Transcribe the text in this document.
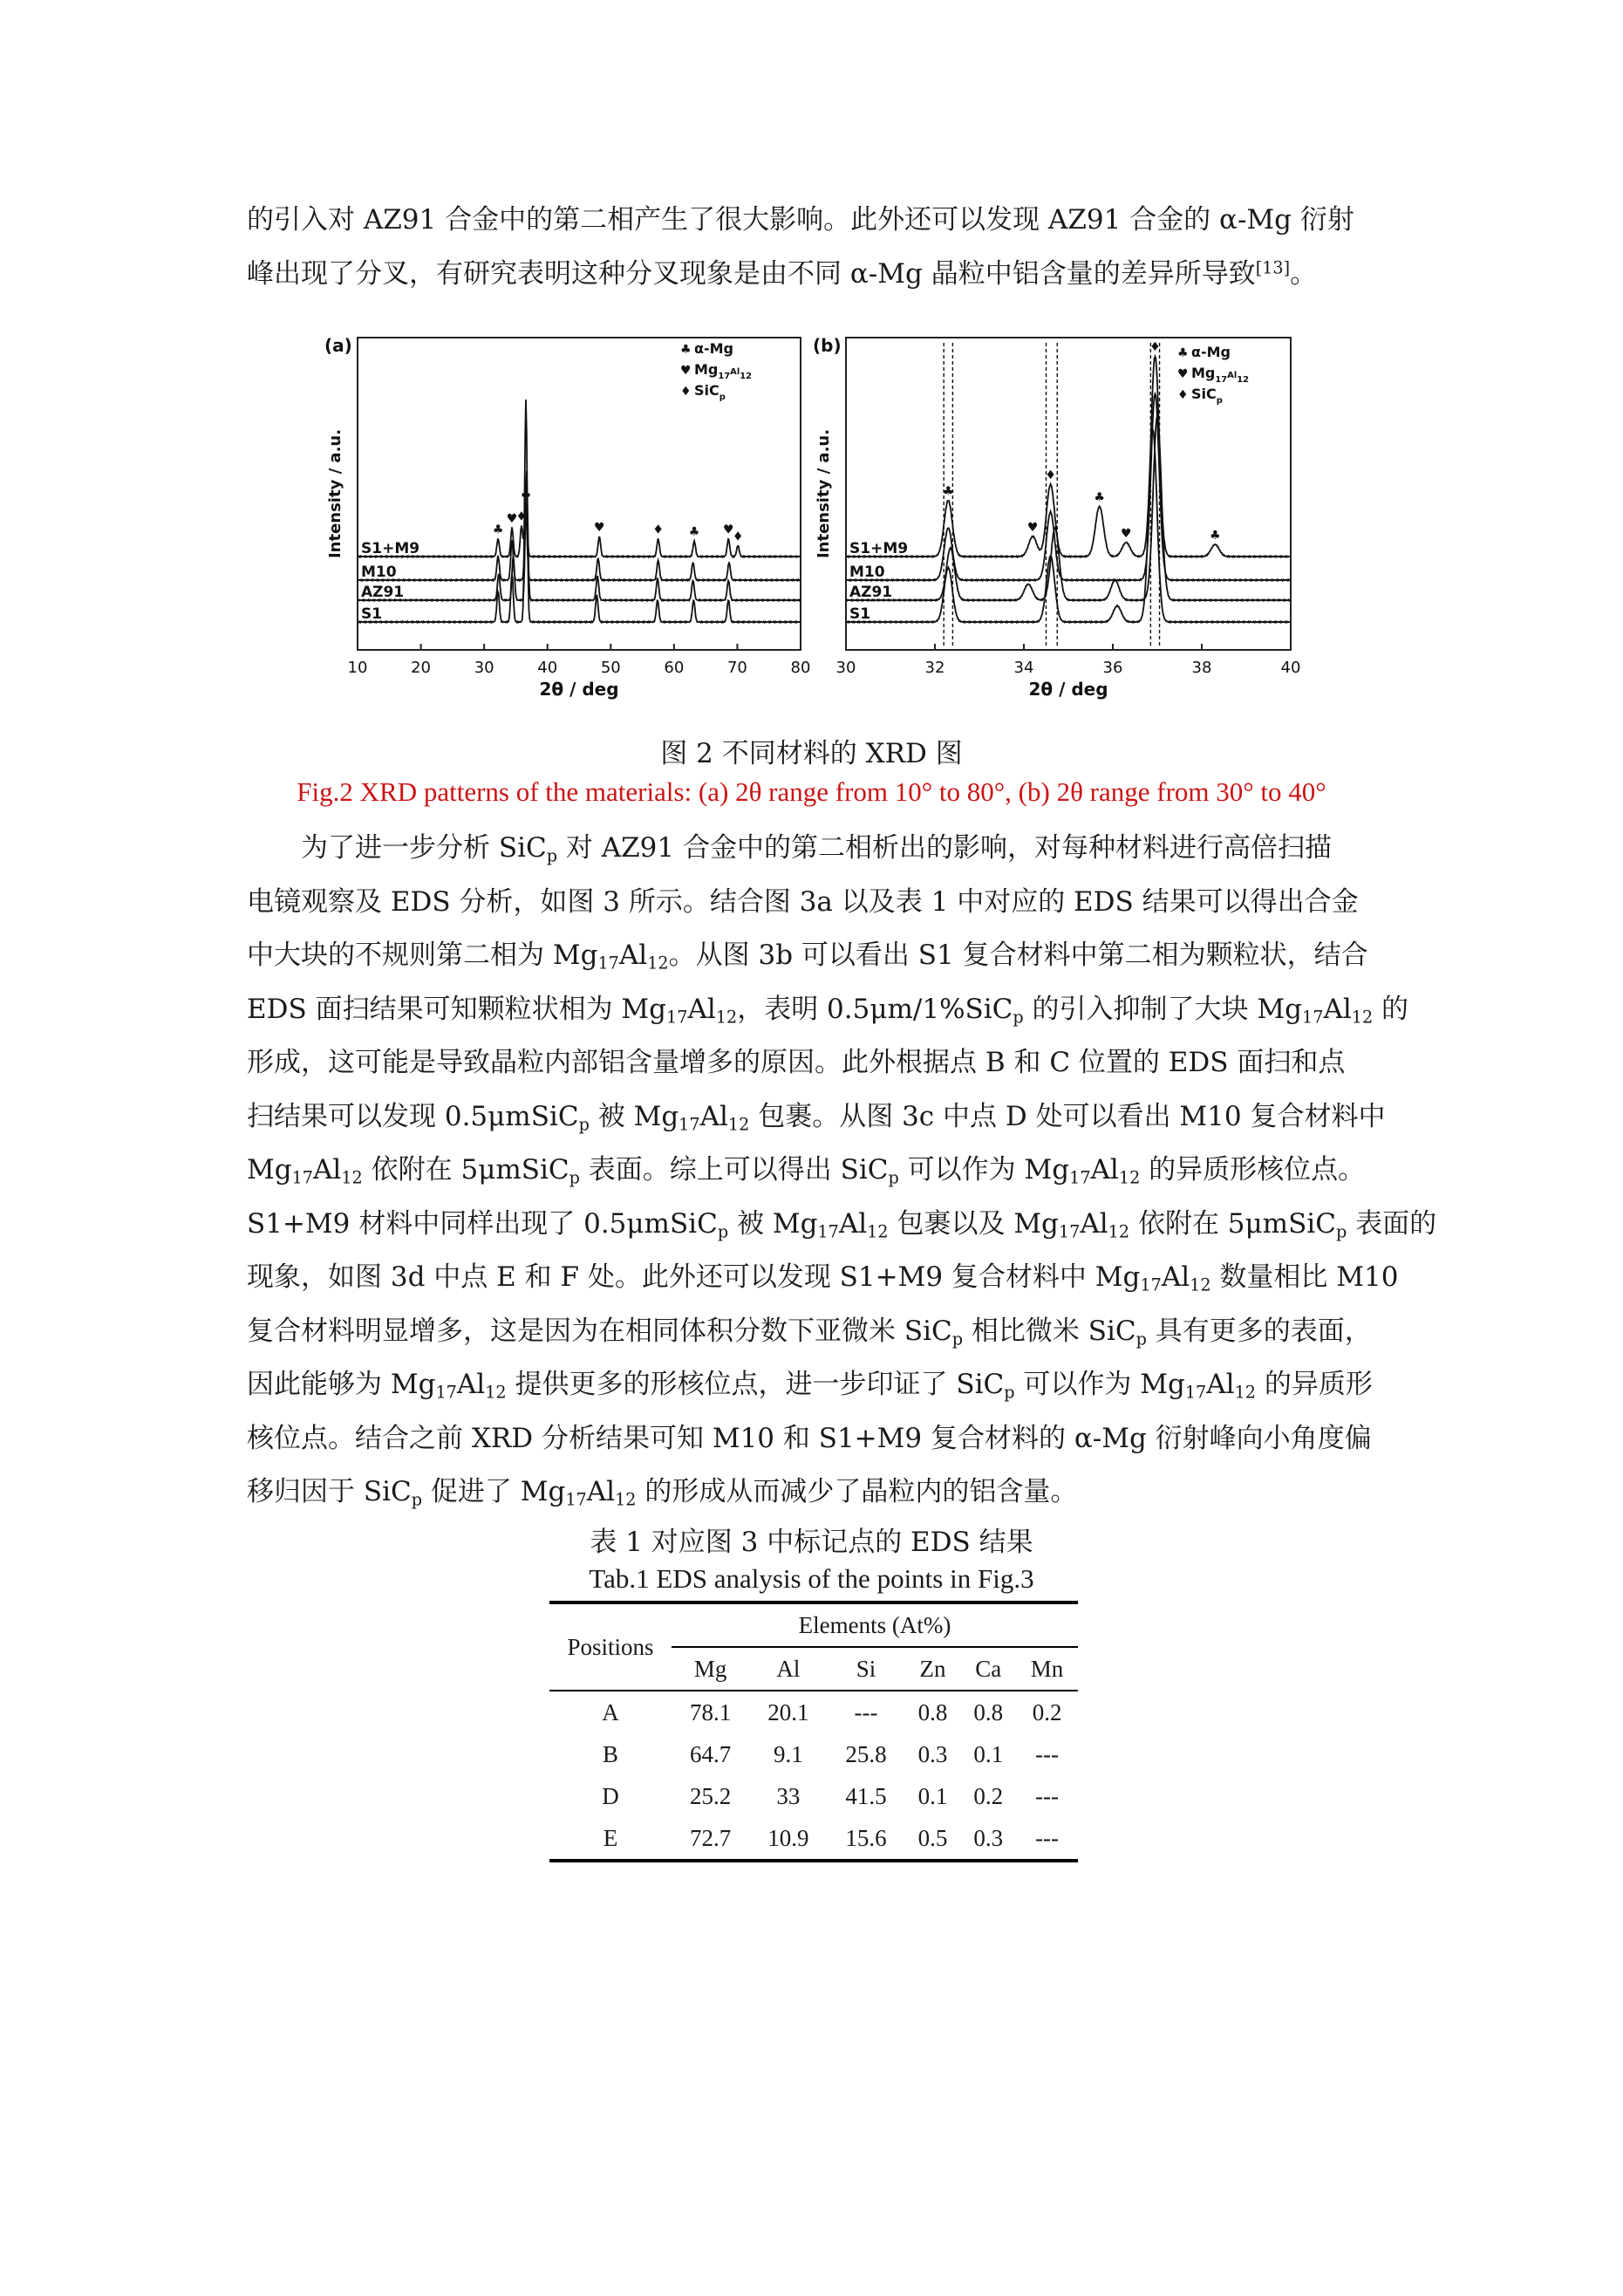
的引入对 AZ91 合金中的第二相产生了很大影响。此外还可以发现 AZ91 合金的 α-Mg 衍射
峰出现了分叉，有研究表明这种分叉现象是由不同 α-Mg 晶粒中铝含量的差异所导致[13]。

10	20	30	40	50	60	70	80
2θ / deg
Intensity / a.u.
(a)
S1+M9
M10
AZ91
S1
♣
♥
♦
♣
♥	♦ ♣ ♥
♦
♣ α-Mg
♥ $Mg_{17}^{Al}_{12}$
♦ SiC$_p$
30	32	34	36	38	40
2θ / deg
Intensity / a.u.
(b)
S1+M9
M10
AZ91
S1
♣
♥
♦
♣
♥
♦
♣
♣ α-Mg
♥ $Mg_{17}^{Al}_{12}$
♦ SiC$_p$
图 2 不同材料的 XRD 图
Fig.2 XRD patterns of the materials: (a) 2θ range from 10° to 80°, (b) 2θ range from 30° to 40°

为了进一步分析 SiC$_p$ 对 AZ91 合金中的第二相析出的影响，对每种材料进行高倍扫描
电镜观察及 EDS 分析，如图 3 所示。结合图 3a 以及表 1 中对应的 EDS 结果可以得出合金
中大块的不规则第二相为 $Mg_{17}Al_{12}$。从图 3b 可以看出 S1 复合材料中第二相为颗粒状，结合
EDS 面扫结果可知颗粒状相为 $Mg_{17}Al_{12}$，表明 0.5μm/1%SiC$_p$ 的引入抑制了大块 $Mg_{17}Al_{12}$ 的
形成，这可能是导致晶粒内部铝含量增多的原因。此外根据点 B 和 C 位置的 EDS 面扫和点
扫结果可以发现 0.5μmSiC$_p$ 被 $Mg_{17}Al_{12}$ 包裹。从图 3c 中点 D 处可以看出 M10 复合材料中
$Mg_{17}Al_{12}$ 依附在 5μmSiC$_p$ 表面。综上可以得出 SiC$_p$ 可以作为 $Mg_{17}Al_{12}$ 的异质形核位点。
S1+M9 材料中同样出现了 0.5μmSiC$_p$ 被 $Mg_{17}Al_{12}$ 包裹以及 $Mg_{17}Al_{12}$ 依附在 5μmSiC$_p$ 表面的
现象，如图 3d 中点 E 和 F 处。此外还可以发现 S1+M9 复合材料中 $Mg_{17}Al_{12}$ 数量相比 M10
复合材料明显增多，这是因为在相同体积分数下亚微米 SiC$_p$ 相比微米 SiC$_p$ 具有更多的表面，
因此能够为 $Mg_{17}Al_{12}$ 提供更多的形核位点，进一步印证了 SiC$_p$ 可以作为 $Mg_{17}Al_{12}$ 的异质形
核位点。结合之前 XRD 分析结果可知 M10 和 S1+M9 复合材料的 α-Mg 衍射峰向小角度偏
移归因于 SiC$_p$ 促进了 $Mg_{17}Al_{12}$ 的形成从而减少了晶粒内的铝含量。

表 1 对应图 3 中标记点的 EDS 结果
Tab.1 EDS analysis of the points in Fig.3
Positions	Elements (At%)					
	Mg	Al	Si	Zn	Ca	Mn
A	78.1	20.1	---	0.8	0.8	0.2
B	64.7	9.1	25.8	0.3	0.1	---
D	25.2	33	41.5	0.1	0.2	---
E	72.7	10.9	15.6	0.5	0.3	---
